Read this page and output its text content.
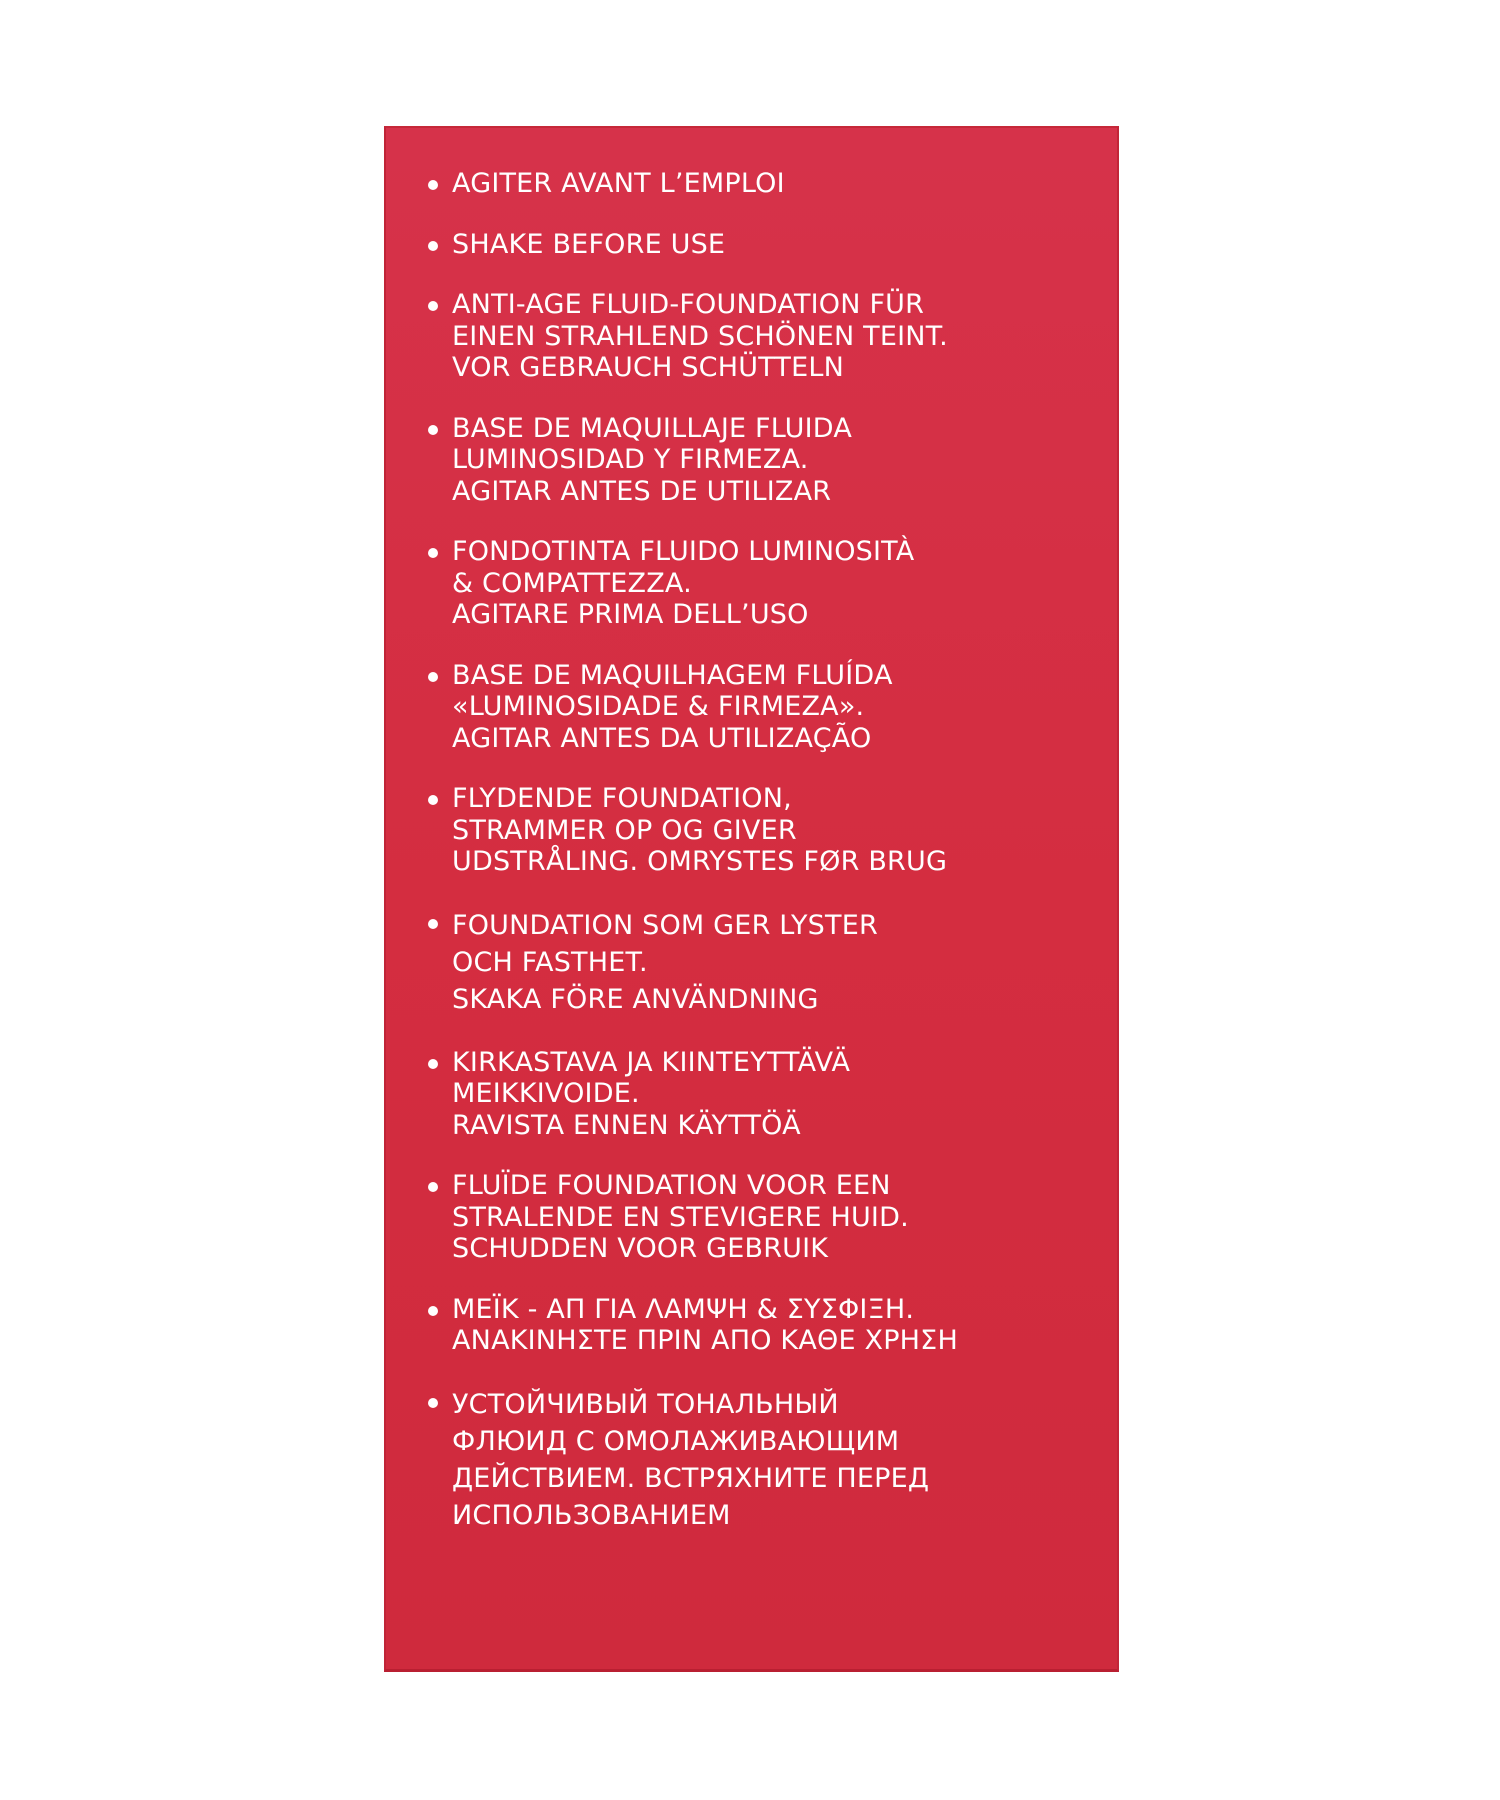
AGITER AVANT L’EMPLOI
SHAKE BEFORE USE
ANTI-AGE FLUID-FOUNDATION FÜR
EINEN STRAHLEND SCHÖNEN TEINT.
VOR GEBRAUCH SCHÜTTELN
BASE DE MAQUILLAJE FLUIDA
LUMINOSIDAD Y FIRMEZA.
AGITAR ANTES DE UTILIZAR
FONDOTINTA FLUIDO LUMINOSITÀ
& COMPATTEZZA.
AGITARE PRIMA DELL’USO
BASE DE MAQUILHAGEM FLUÍDA
«LUMINOSIDADE & FIRMEZA».
AGITAR ANTES DA UTILIZAÇÃO
FLYDENDE FOUNDATION,
STRAMMER OP OG GIVER
UDSTRÅLING. OMRYSTES FØR BRUG
FOUNDATION SOM GER LYSTER
OCH FASTHET.
SKAKA FÖRE ANVÄNDNING
KIRKASTAVA JA KIINTEYTTÄVÄ
MEIKKIVOIDE.
RAVISTA ENNEN KÄYTTÖÄ
FLUÏDE FOUNDATION VOOR EEN
STRALENDE EN STEVIGERE HUID.
SCHUDDEN VOOR GEBRUIK
ΜΕΪΚ - ΑΠ ΓΙΑ ΛΑΜΨΗ & ΣΥΣΦΙΞΗ.
ΑΝΑΚΙΝΗΣΤΕ ΠΡΙΝ ΑΠΟ ΚΑΘΕ ΧΡΗΣΗ
УСТОЙЧИВЫЙ ТОНАЛЬНЫЙ
ФЛЮИД С ОМОЛАЖИВАЮЩИМ
ДЕЙСТВИЕМ. ВСТРЯХНИТЕ ПЕРЕД
ИСПОЛЬЗОВАНИЕМ
